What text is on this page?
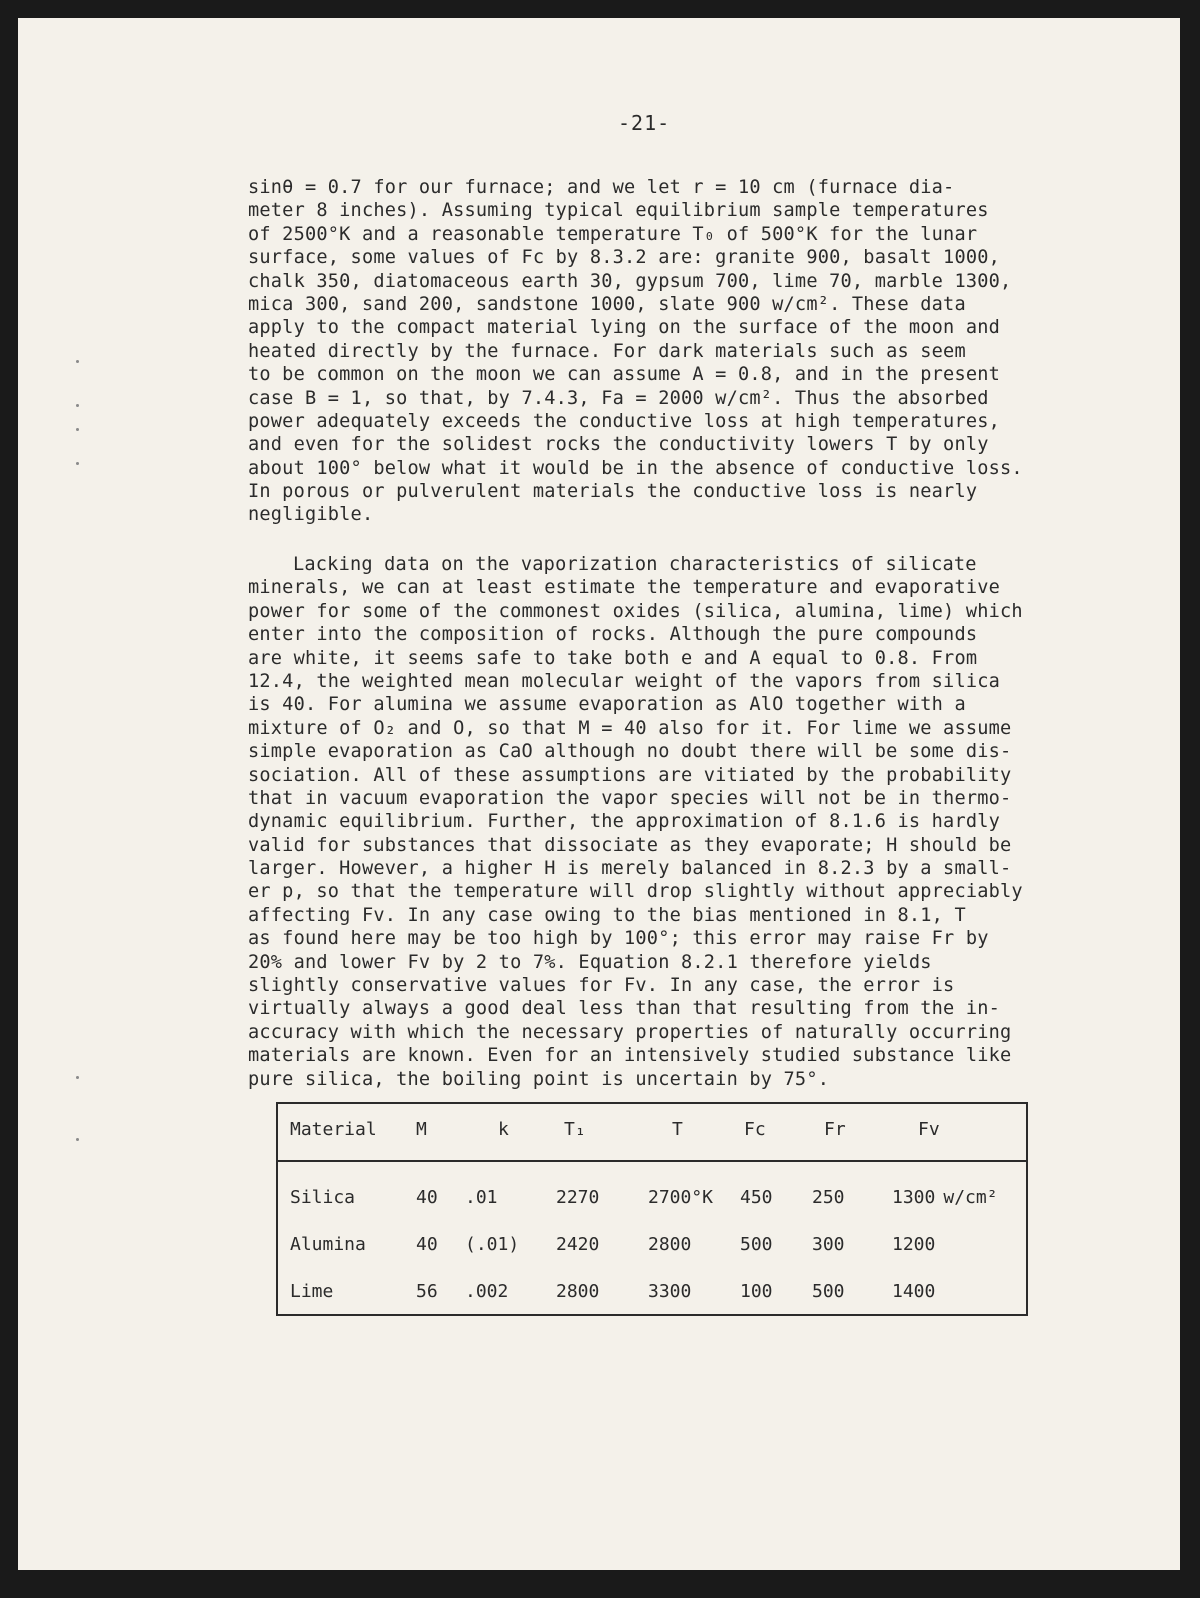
-21-
sinθ = 0.7 for our furnace; and we let r = 10 cm (furnace dia-
meter 8 inches). Assuming typical equilibrium sample temperatures
of 2500°K and a reasonable temperature T₀ of 500°K for the lunar
surface, some values of Fc by 8.3.2 are: granite 900, basalt 1000,
chalk 350, diatomaceous earth 30, gypsum 700, lime 70, marble 1300,
mica 300, sand 200, sandstone 1000, slate 900 w/cm². These data
apply to the compact material lying on the surface of the moon and
heated directly by the furnace. For dark materials such as seem
to be common on the moon we can assume A = 0.8, and in the present
case B = 1, so that, by 7.4.3, Fa = 2000 w/cm². Thus the absorbed
power adequately exceeds the conductive loss at high temperatures,
and even for the solidest rocks the conductivity lowers T by only
about 100° below what it would be in the absence of conductive loss.
In porous or pulverulent materials the conductive loss is nearly
negligible.
Lacking data on the vaporization characteristics of silicate
minerals, we can at least estimate the temperature and evaporative
power for some of the commonest oxides (silica, alumina, lime) which
enter into the composition of rocks. Although the pure compounds
are white, it seems safe to take both e and A equal to 0.8. From
12.4, the weighted mean molecular weight of the vapors from silica
is 40. For alumina we assume evaporation as AlO together with a
mixture of O₂ and O, so that M = 40 also for it. For lime we assume
simple evaporation as CaO although no doubt there will be some dis-
sociation. All of these assumptions are vitiated by the probability
that in vacuum evaporation the vapor species will not be in thermo-
dynamic equilibrium. Further, the approximation of 8.1.6 is hardly
valid for substances that dissociate as they evaporate; H should be
larger. However, a higher H is merely balanced in 8.2.3 by a small-
er p, so that the temperature will drop slightly without appreciably
affecting Fv. In any case owing to the bias mentioned in 8.1, T
as found here may be too high by 100°; this error may raise Fr by
20% and lower Fv by 2 to 7%. Equation 8.2.1 therefore yields
slightly conservative values for Fv. In any case, the error is
virtually always a good deal less than that resulting from the in-
accuracy with which the necessary properties of naturally occurring
materials are known. Even for an intensively studied substance like
pure silica, the boiling point is uncertain by 75°.
Material M	k	T₁	T	Fc	Fr	Fv
Silica	40 .01	2270	2700°K 450 250	1300 w/cm²
Alumina	40 (.01) 2420	2800	500 300	1200
Lime	56 .002	2800	3300	100 500	1400
